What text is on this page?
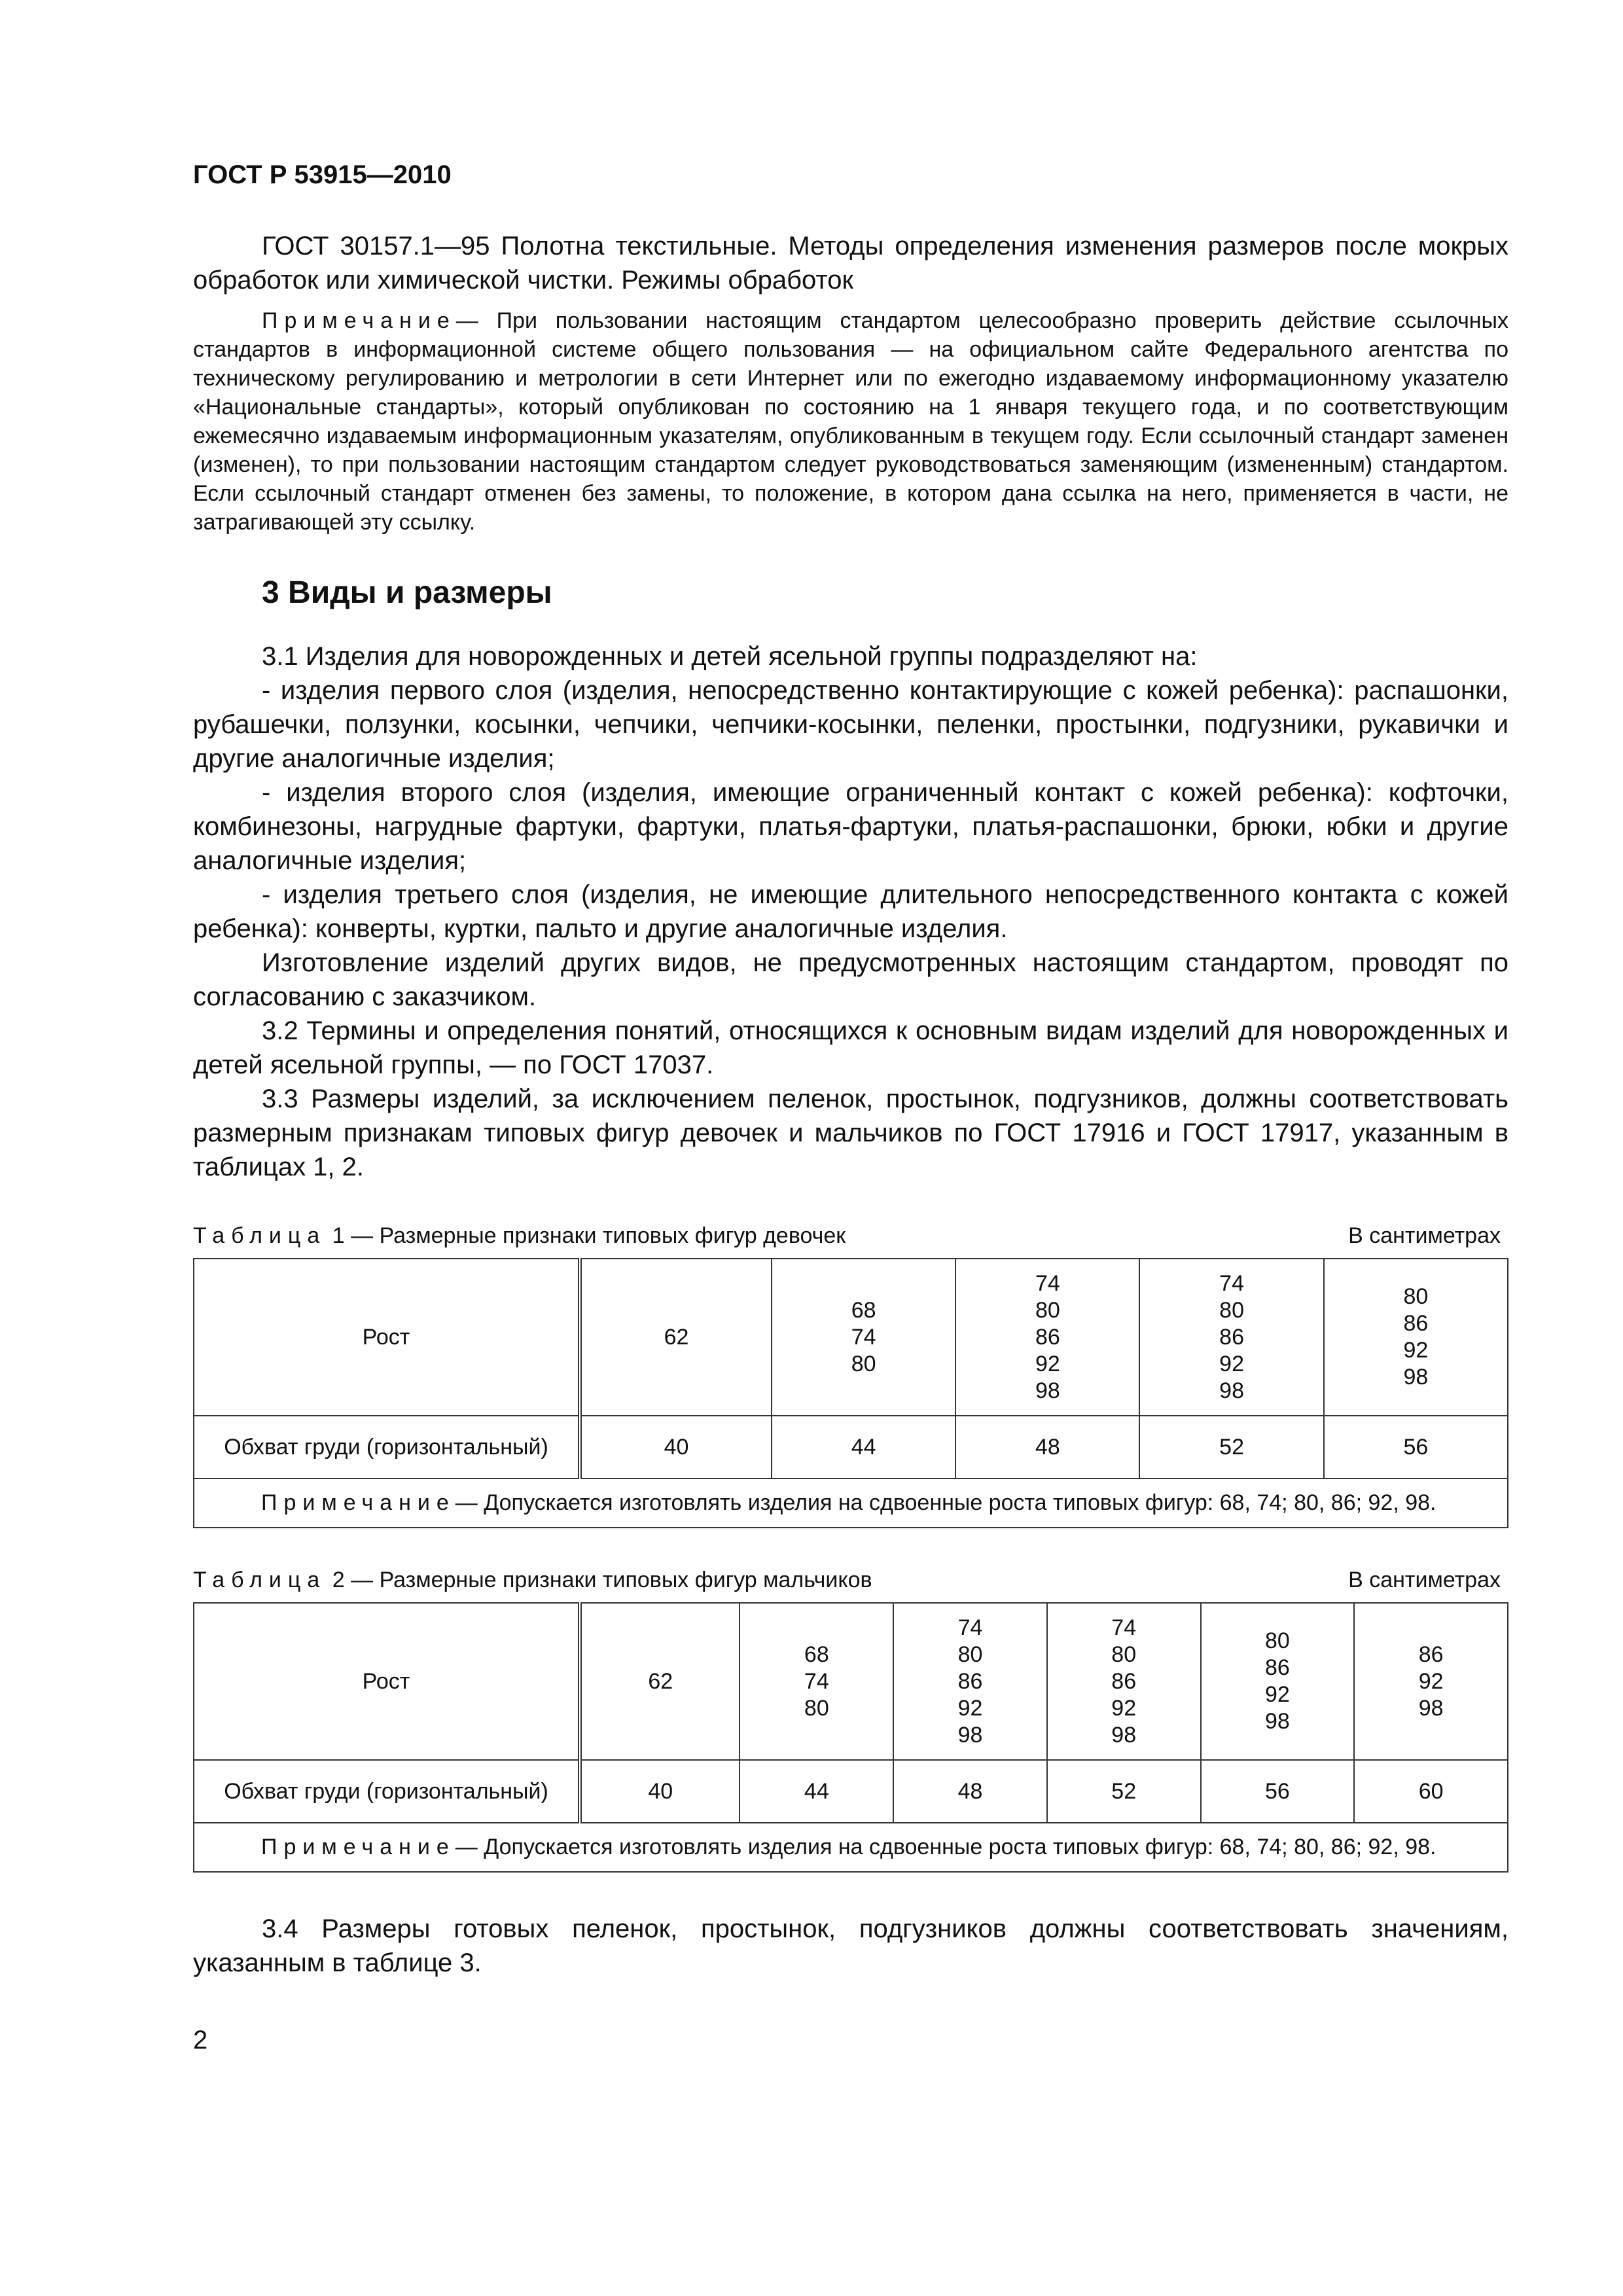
ГОСТ Р 53915—2010

ГОСТ 30157.1—95 Полотна текстильные. Методы определения изменения размеров после мокрых обработок или химической чистки. Режимы обработок

Примечание— При пользовании настоящим стандартом целесообразно проверить действие ссылочных стандартов в информационной системе общего пользования — на официальном сайте Федерального агентства по техническому регулированию и метрологии в сети Интернет или по ежегодно издаваемому информационному указателю «Национальные стандарты», который опубликован по состоянию на 1 января текущего года, и по соответствующим ежемесячно издаваемым информационным указателям, опубликованным в текущем году. Если ссылочный стандарт заменен (изменен), то при пользовании настоящим стандартом следует руководствоваться заменяющим (измененным) стандартом. Если ссылочный стандарт отменен без замены, то положение, в котором дана ссылка на него, применяется в части, не затрагивающей эту ссылку.

3 Виды и размеры

3.1 Изделия для новорожденных и детей ясельной группы подразделяют на:

- изделия первого слоя (изделия, непосредственно контактирующие с кожей ребенка): распашонки, рубашечки, ползунки, косынки, чепчики, чепчики-косынки, пеленки, простынки, подгузники, рукавички и другие аналогичные изделия;

- изделия второго слоя (изделия, имеющие ограниченный контакт с кожей ребенка): кофточки, комбинезоны, нагрудные фартуки, фартуки, платья-фартуки, платья-распашонки, брюки, юбки и другие аналогичные изделия;

- изделия третьего слоя (изделия, не имеющие длительного непосредственного контакта с кожей ребенка): конверты, куртки, пальто и другие аналогичные изделия.

Изготовление изделий других видов, не предусмотренных настоящим стандартом, проводят по согласованию с заказчиком.

3.2 Термины и определения понятий, относящихся к основным видам изделий для новорожденных и детей ясельной группы, — по ГОСТ 17037.

3.3 Размеры изделий, за исключением пеленок, простынок, подгузников, должны соответствовать размерным признакам типовых фигур девочек и мальчиков по ГОСТ 17916 и ГОСТ 17917, указанным в таблицах 1, 2.

Таблица 1 — Размерные признаки типовых фигур девочек	В сантиметрах
Рост	62	68
74
80	74
80
86
92
98	74
80
86
92
98	80
86
92
98

Обхват груди (горизонтальный)	40	44	48	52	56
Примечание— Допускается изготовлять изделия на сдвоенные роста типовых фигур: 68, 74; 80, 86; 92, 98.					
Таблица 2 — Размерные признаки типовых фигур мальчиков	В сантиметрах
Рост	62	68
74
80	74
80
86
92
98	74
80
86
92
98	80
86
92
98	86
92
98

Обхват груди (горизонтальный)	40	44	48	52	56	60
Примечание— Допускается изготовлять изделия на сдвоенные роста типовых фигур: 68, 74; 80, 86; 92, 98.						

3.4 Размеры готовых пеленок, простынок, подгузников должны соответствовать значениям, указанным в таблице 3.

2
